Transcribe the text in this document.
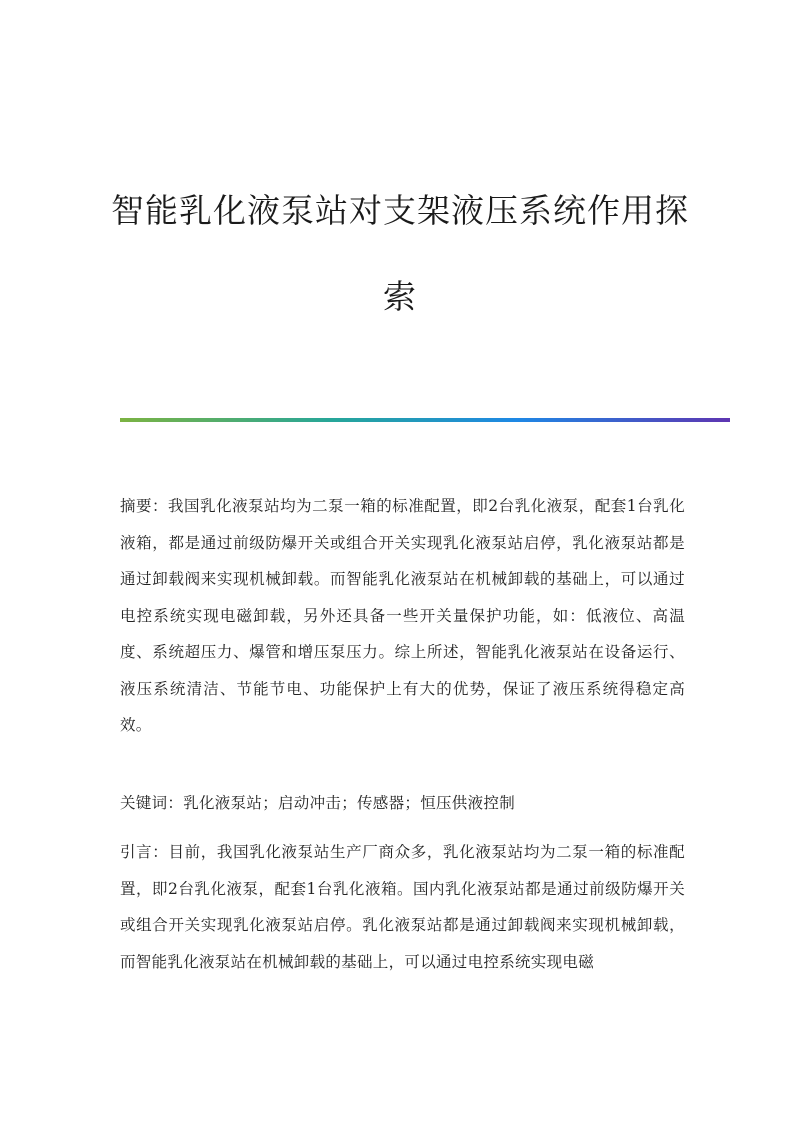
智能乳化液泵站对支架液压系统作用探
索

摘要：我国乳化液泵站均为二泵一箱的标准配置，即2台乳化液泵，配套1台乳化液箱，都是通过前级防爆开关或组合开关实现乳化液泵站启停，乳化液泵站都是通过卸载阀来实现机械卸载。而智能乳化液泵站在机械卸载的基础上，可以通过电控系统实现电磁卸载，另外还具备一些开关量保护功能，如：低液位、高温度、系统超压力、爆管和增压泵压力。综上所述，智能乳化液泵站在设备运行、液压系统清洁、节能节电、功能保护上有大的优势，保证了液压系统得稳定高效。

关键词：乳化液泵站；启动冲击；传感器；恒压供液控制

引言：目前，我国乳化液泵站生产厂商众多，乳化液泵站均为二泵一箱的标准配置，即2台乳化液泵，配套1台乳化液箱。国内乳化液泵站都是通过前级防爆开关或组合开关实现乳化液泵站启停。乳化液泵站都是通过卸载阀来实现机械卸载，而智能乳化液泵站在机械卸载的基础上，可以通过电控系统实现电磁
